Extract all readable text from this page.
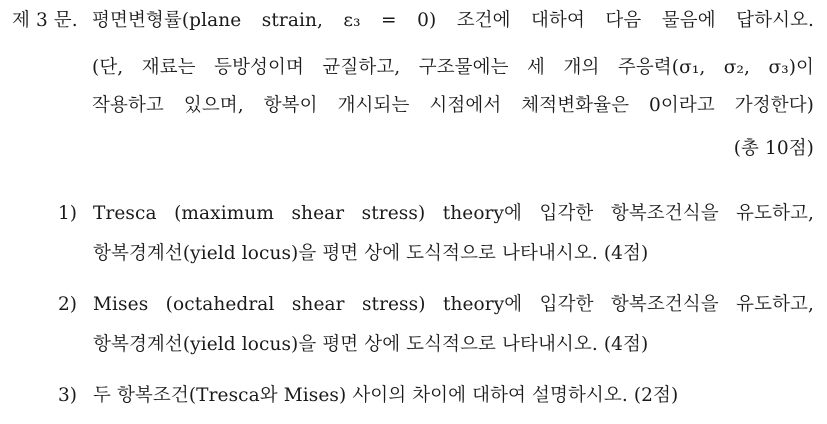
제 3 문. 평면변형률(plane strain, ε₃ = 0) 조건에 대하여 다음 물음에 답하시오.
(단, 재료는 등방성이며 균질하고, 구조물에는 세 개의 주응력(σ₁, σ₂, σ₃)이
작용하고 있으며, 항복이 개시되는 시점에서 체적변화율은 0이라고 가정한다)
(총 10점)
1) Tresca (maximum shear stress) theory에 입각한 항복조건식을 유도하고,
항복경계선(yield locus)을 평면 상에 도식적으로 나타내시오. (4점)
2) Mises (octahedral shear stress) theory에 입각한 항복조건식을 유도하고,
항복경계선(yield locus)을 평면 상에 도식적으로 나타내시오. (4점)
3) 두 항복조건(Tresca와 Mises) 사이의 차이에 대하여 설명하시오. (2점)
